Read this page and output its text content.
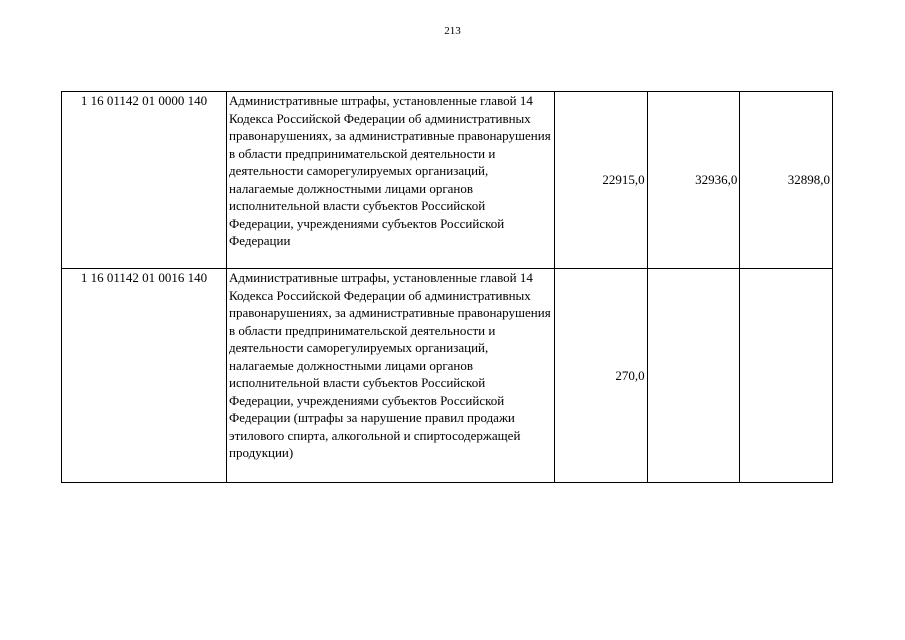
213
1 16 01142 01 0000 140	Административные штрафы, установленные главой 14 Кодекса Российской Федерации об административных правонарушениях, за административные правонарушения в области предпринимательской деятельности и деятельности саморегулируемых организаций, налагаемые должностными лицами органов исполнительной власти субъектов Российской Федерации, учреждениями субъектов Российской Федерации	22915,0	32936,0	32898,0
1 16 01142 01 0016 140	Административные штрафы, установленные главой 14 Кодекса Российской Федерации об административных правонарушениях, за административные правонарушения в области предпринимательской деятельности и деятельности саморегулируемых организаций, налагаемые должностными лицами органов исполнительной власти субъектов Российской Федерации, учреждениями субъектов Российской Федерации (штрафы за нарушение правил продажи этилового спирта, алкогольной и спиртосодержащей продукции)	270,0		
